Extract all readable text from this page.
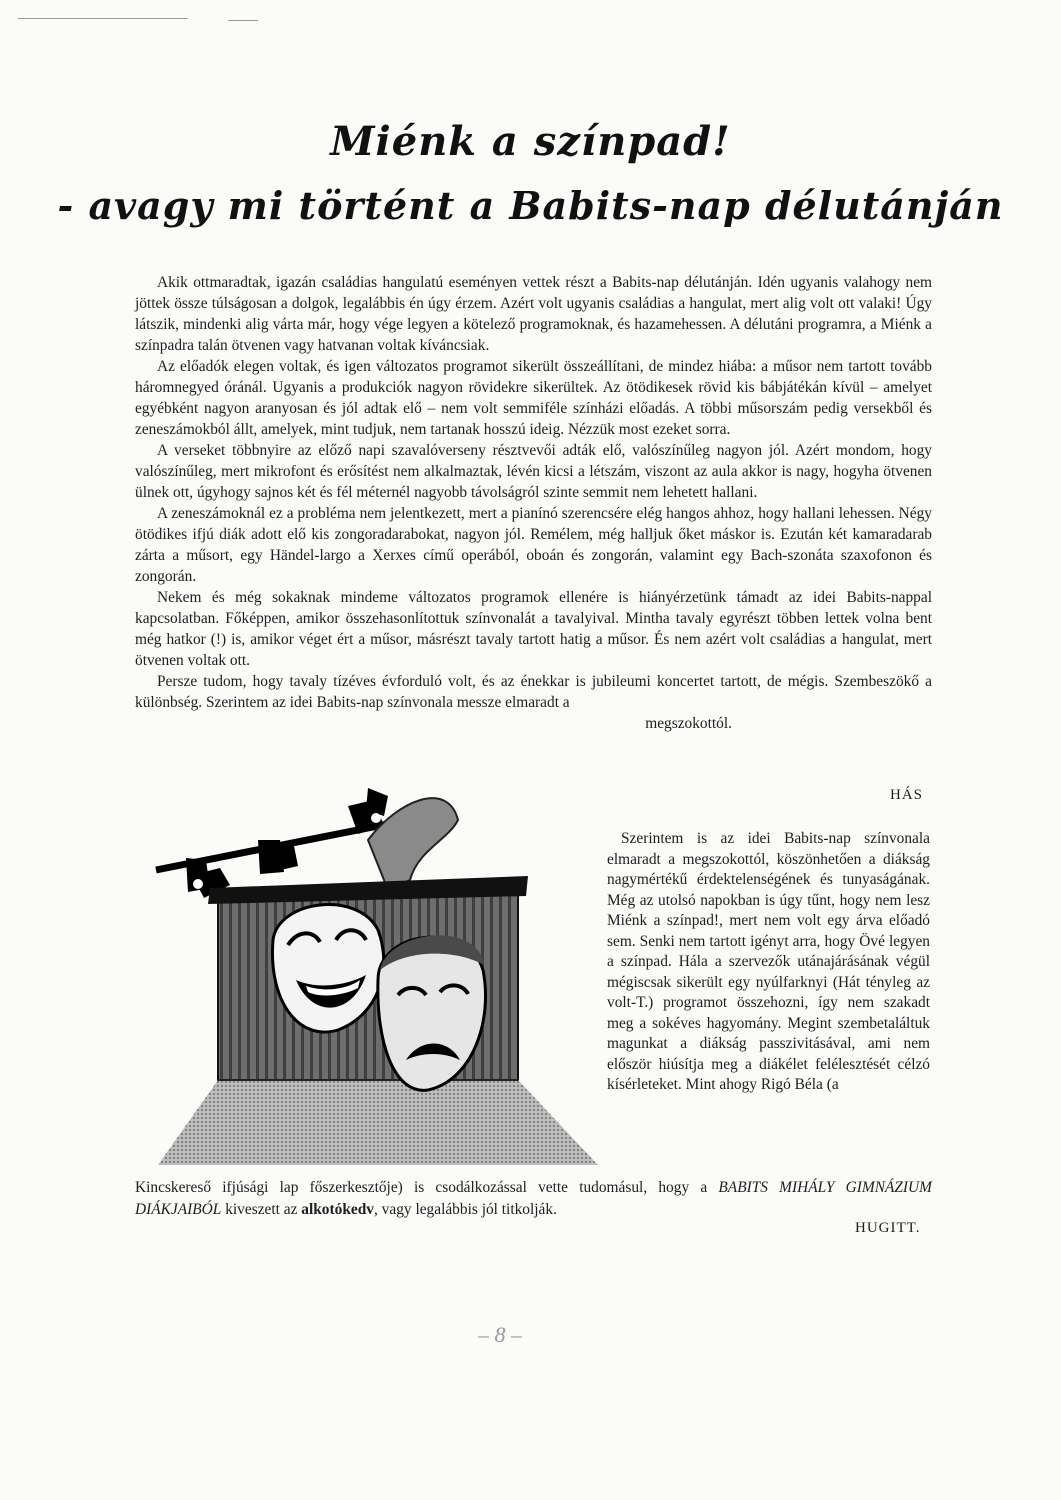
Miénk a színpad!
- avagy mi történt a Babits-nap délutánján

Akik ottmaradtak, igazán családias hangulatú eseményen vettek részt a Babits-nap délutánján. Idén ugyanis valahogy nem jöttek össze túlságosan a dolgok, legalábbis én úgy érzem. Azért volt ugyanis családias a hangulat, mert alig volt ott valaki! Úgy látszik, mindenki alig várta már, hogy vége legyen a kötelező programoknak, és hazamehessen. A délutáni programra, a Miénk a színpadra talán ötvenen vagy hatvanan voltak kíváncsiak.

Az előadók elegen voltak, és igen változatos programot sikerült összeállítani, de mindez hiába: a műsor nem tartott tovább háromnegyed óránál. Ugyanis a produkciók nagyon rövidekre sikerültek. Az ötödikesek rövid kis bábjátékán kívül – amelyet egyébként nagyon aranyosan és jól adtak elő – nem volt semmiféle színházi előadás. A többi műsorszám pedig versekből és zeneszámokból állt, amelyek, mint tudjuk, nem tartanak hosszú ideig. Nézzük most ezeket sorra.

A verseket többnyire az előző napi szavalóverseny résztvevői adták elő, valószínűleg nagyon jól. Azért mondom, hogy valószínűleg, mert mikrofont és erősítést nem alkalmaztak, lévén kicsi a létszám, viszont az aula akkor is nagy, hogyha ötvenen ülnek ott, úgyhogy sajnos két és fél méternél nagyobb távolságról szinte semmit nem lehetett hallani.

A zeneszámoknál ez a probléma nem jelentkezett, mert a pianínó szerencsére elég hangos ahhoz, hogy hallani lehessen. Négy ötödikes ifjú diák adott elő kis zongoradarabokat, nagyon jól. Remélem, még halljuk őket máskor is. Ezután két kamaradarab zárta a műsort, egy Händel-largo a Xerxes című operából, oboán és zongorán, valamint egy Bach-szonáta szaxofonon és zongorán.

Nekem és még sokaknak mindeme változatos programok ellenére is hiányérzetünk támadt az idei Babits-nappal kapcsolatban. Főképpen, amikor összehasonlítottuk színvonalát a tavalyival. Mintha tavaly egyrészt többen lettek volna bent még hatkor (!) is, amikor véget ért a műsor, másrészt tavaly tartott hatig a műsor. És nem azért volt családias a hangulat, mert ötvenen voltak ott.

Persze tudom, hogy tavaly tízéves évforduló volt, és az énekkar is jubileumi koncertet tartott, de mégis. Szembeszökő a különbség. Szerintem az idei Babits-nap színvonala messze elmaradt a

megszokottól.

HÁS

Szerintem is az idei Babits-nap színvonala elmaradt a megszokottól, köszönhetően a diákság nagymértékű érdektelenségének és tunyaságának. Még az utolsó napokban is úgy tűnt, hogy nem lesz Miénk a színpad!, mert nem volt egy árva előadó sem. Senki nem tartott igényt arra, hogy Övé legyen a színpad. Hála a szervezők utánajárásának végül mégiscsak sikerült egy nyúlfarknyi (Hát tényleg az volt-T.) programot összehozni, így nem szakadt meg a sokéves hagyomány. Megint szembetaláltuk magunkat a diákság passzivitásával, ami nem először hiúsítja meg a diákélet felélesztését célzó kísérleteket. Mint ahogy Rigó Béla (a

Kincskereső ifjúsági lap főszerkesztője) is csodálkozással vette tudomásul, hogy a BABITS MIHÁLY GIMNÁZIUM DIÁKJAIBÓL kiveszett az alkotókedv, vagy legalábbis jól titkolják.

HUGITT.
– 8 –
